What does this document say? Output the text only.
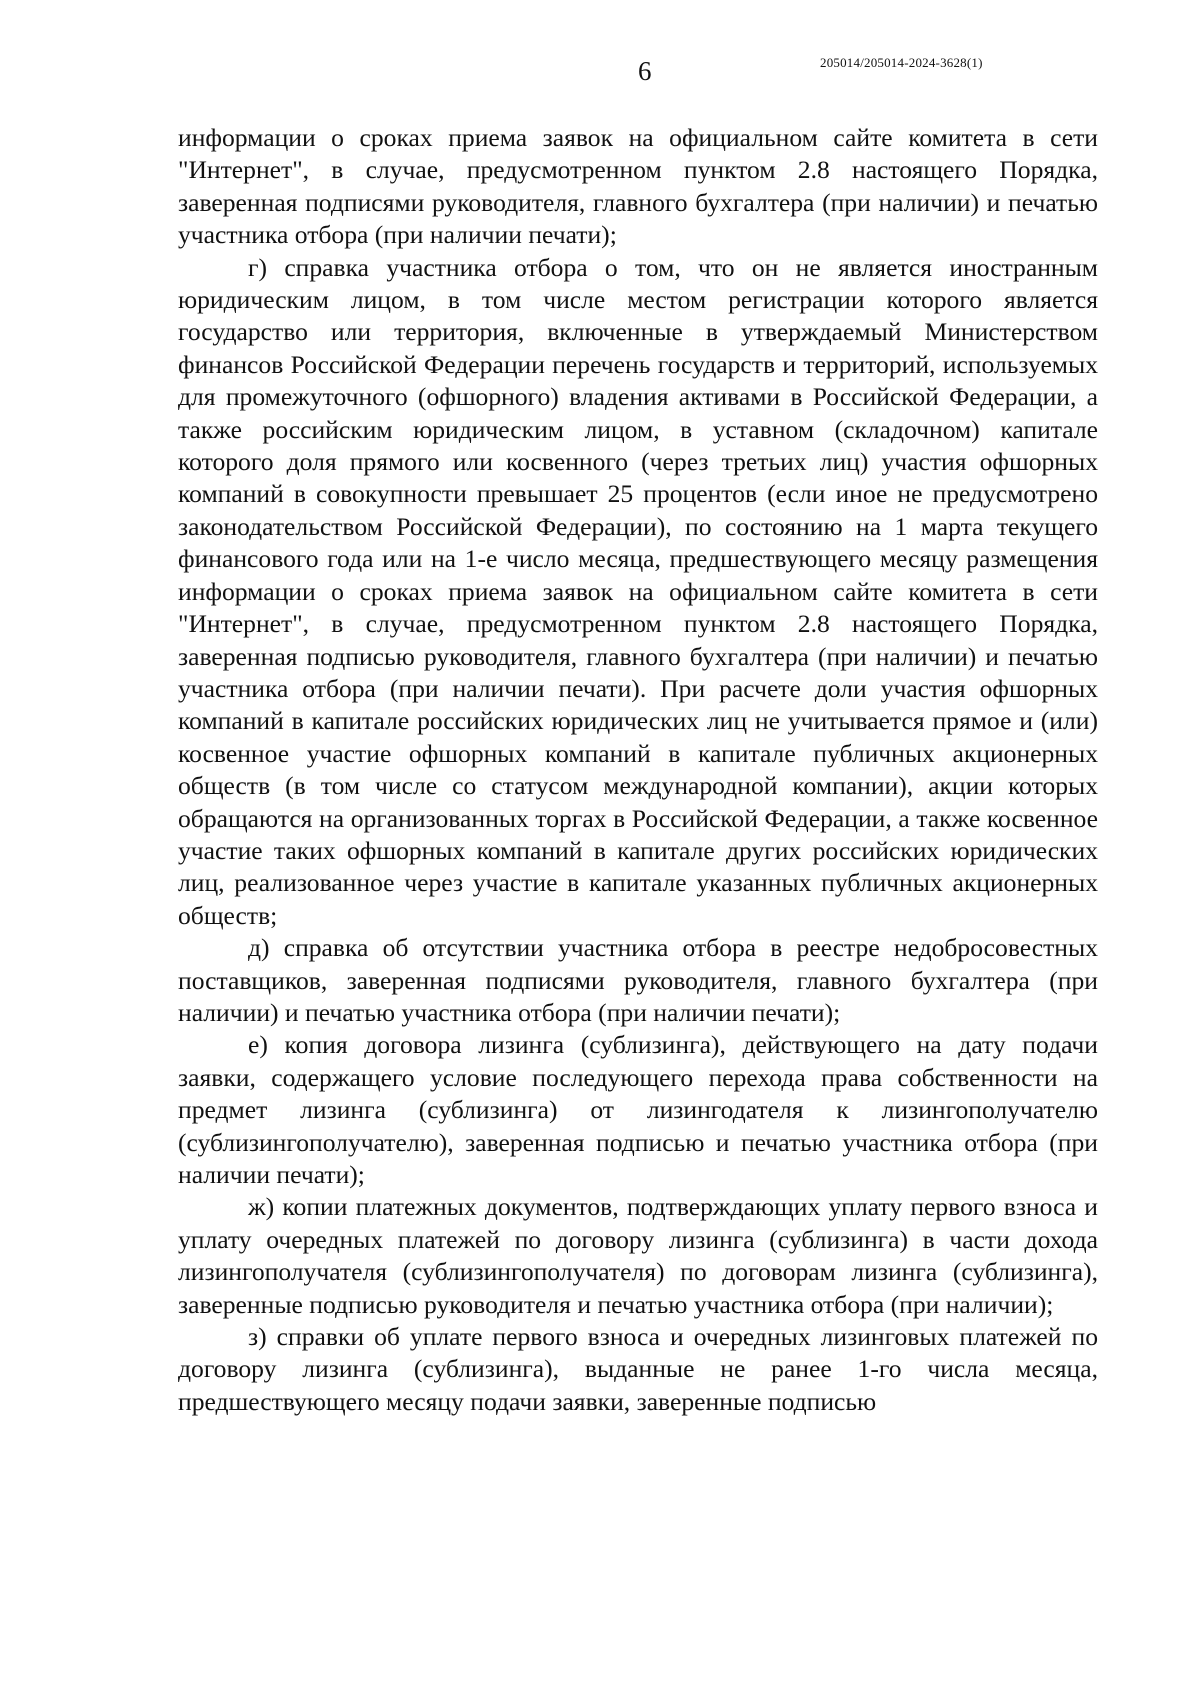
6	205014/205014-2024-3628(1)

информации о сроках приема заявок на официальном сайте комитета в сети "Интернет", в случае, предусмотренном пунктом 2.8 настоящего Порядка, заверенная подписями руководителя, главного бухгалтера (при наличии) и печатью участника отбора (при наличии печати);

г) справка участника отбора о том, что он не является иностранным юридическим лицом, в том числе местом регистрации которого является государство или территория, включенные в утверждаемый Министерством финансов Российской Федерации перечень государств и территорий, используемых для промежуточного (офшорного) владения активами в Российской Федерации, а также российским юридическим лицом, в уставном (складочном) капитале которого доля прямого или косвенного (через третьих лиц) участия офшорных компаний в совокупности превышает 25 процентов (если иное не предусмотрено законодательством Российской Федерации), по состоянию на 1 марта текущего финансового года или на 1-е число месяца, предшествующего месяцу размещения информации о сроках приема заявок на официальном сайте комитета в сети "Интернет", в случае, предусмотренном пунктом 2.8 настоящего Порядка, заверенная подписью руководителя, главного бухгалтера (при наличии) и печатью участника отбора (при наличии печати). При расчете доли участия офшорных компаний в капитале российских юридических лиц не учитывается прямое и (или) косвенное участие офшорных компаний в капитале публичных акционерных обществ (в том числе со статусом международной компании), акции которых обращаются на организованных торгах в Российской Федерации, а также косвенное участие таких офшорных компаний в капитале других российских юридических лиц, реализованное через участие в капитале указанных публичных акционерных обществ;

д) справка об отсутствии участника отбора в реестре недобросовестных поставщиков, заверенная подписями руководителя, главного бухгалтера (при наличии) и печатью участника отбора (при наличии печати);

е) копия договора лизинга (сублизинга), действующего на дату подачи заявки, содержащего условие последующего перехода права собственности на предмет лизинга (сублизинга) от лизингодателя к лизингополучателю (сублизингополучателю), заверенная подписью и печатью участника отбора (при наличии печати);

ж) копии платежных документов, подтверждающих уплату первого взноса и уплату очередных платежей по договору лизинга (сублизинга) в части дохода лизингополучателя (сублизингополучателя) по договорам лизинга (сублизинга), заверенные подписью руководителя и печатью участника отбора (при наличии);

з) справки об уплате первого взноса и очередных лизинговых платежей по договору лизинга (сублизинга), выданные не ранее 1-го числа месяца, предшествующего месяцу подачи заявки, заверенные подписью
